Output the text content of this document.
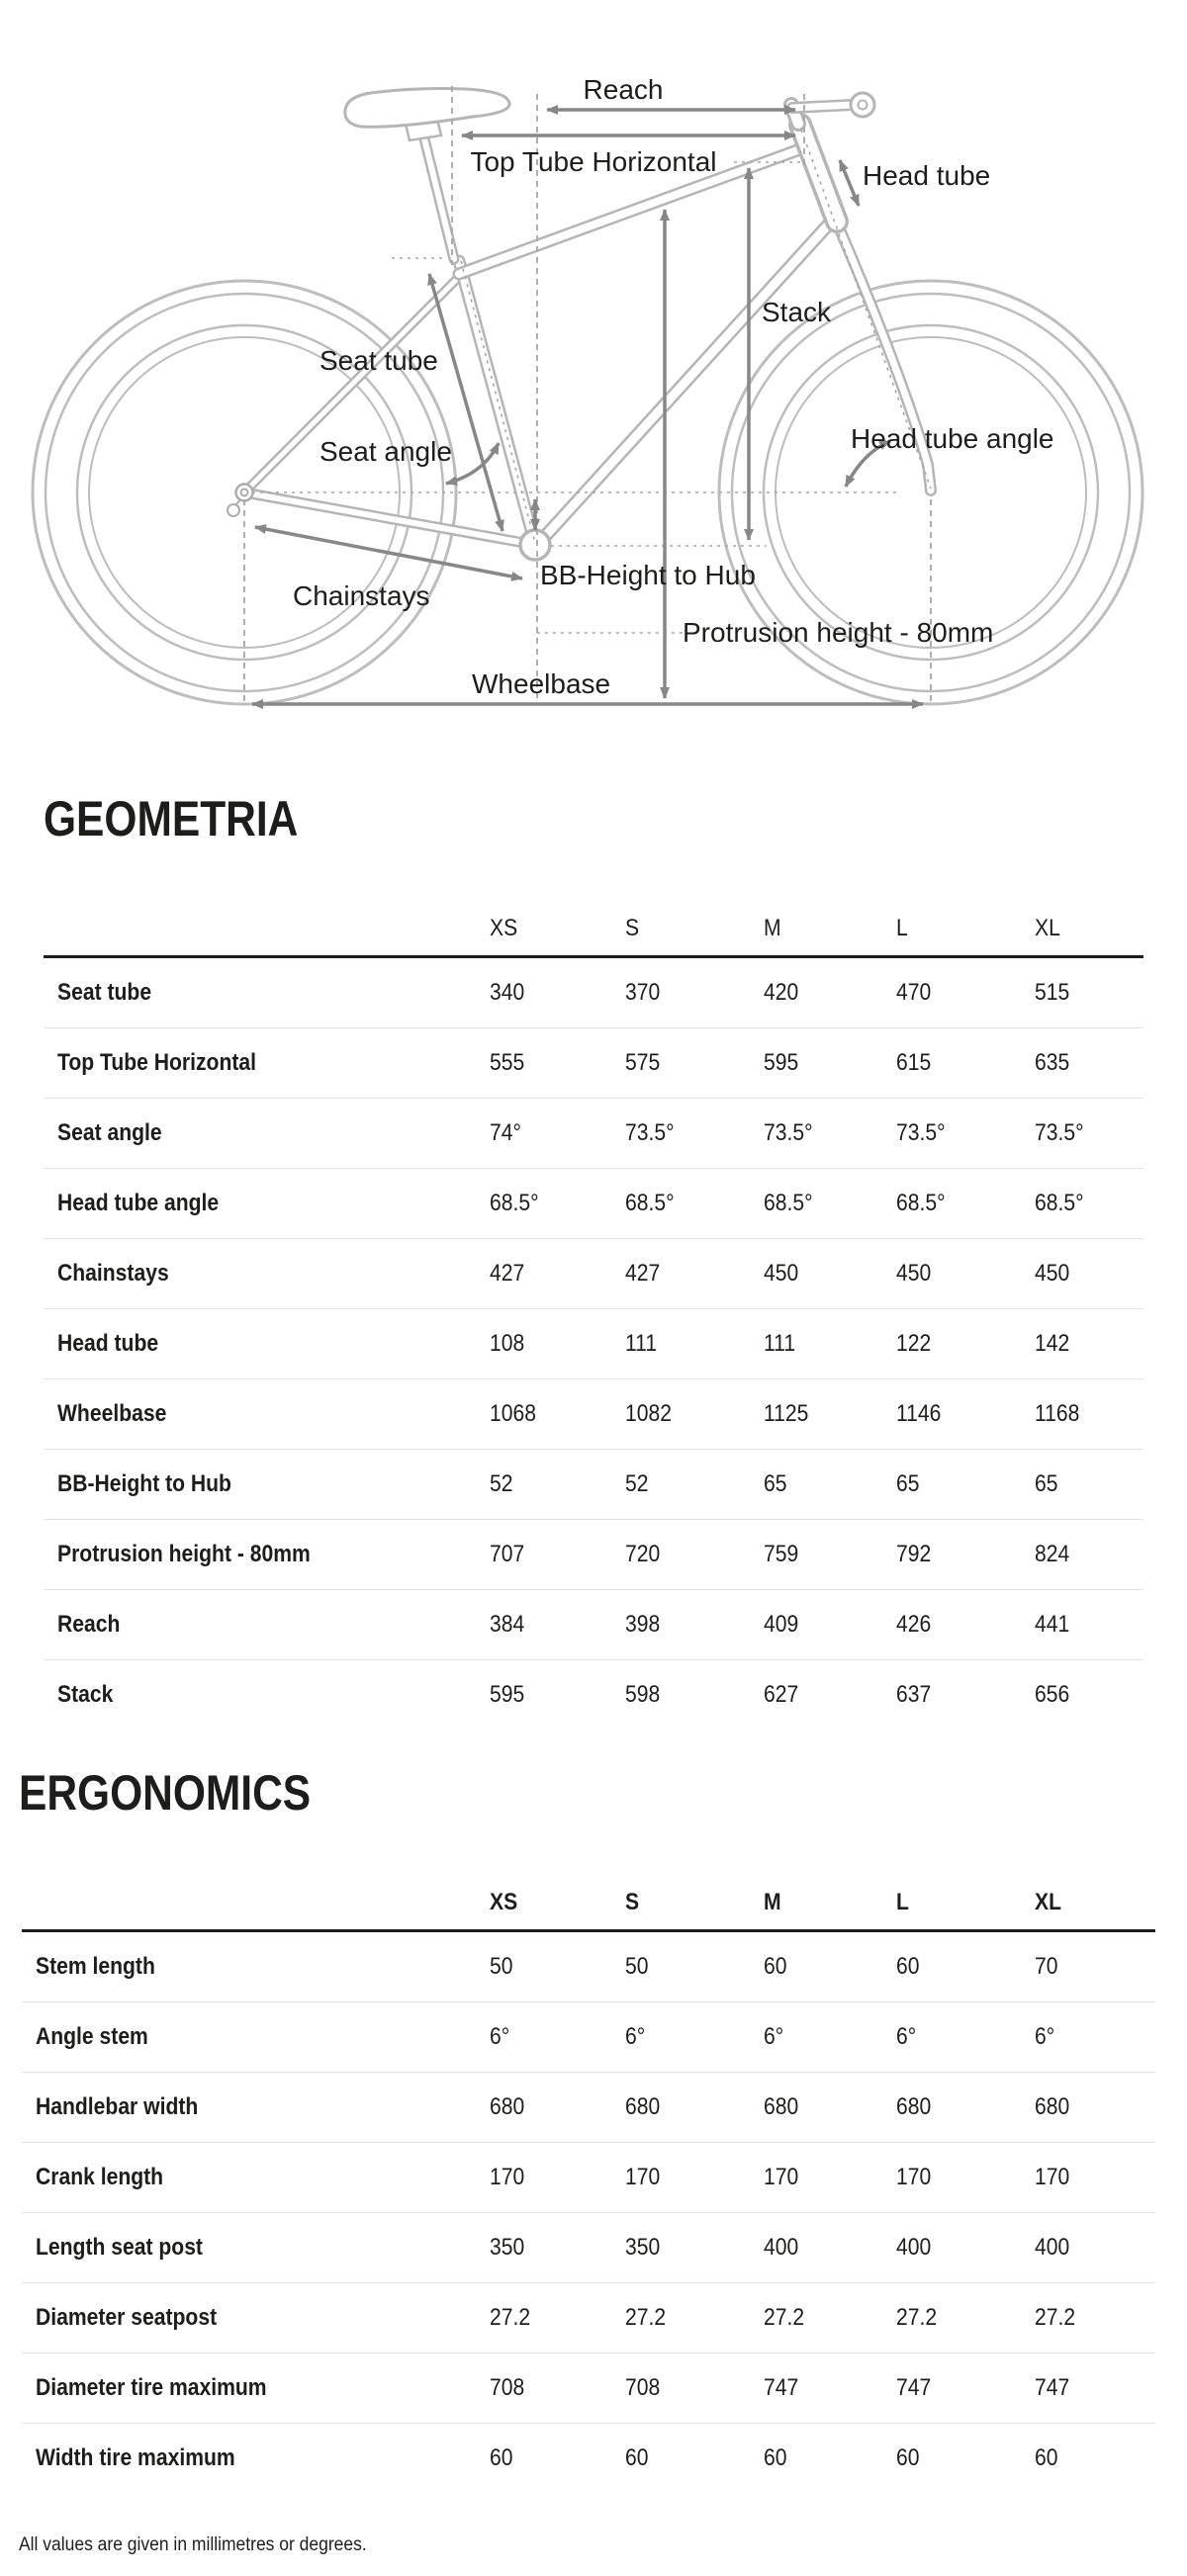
Reach
Top Tube Horizontal	Head tube
Stack
Head tube angle
Seat tube
Seat angle
Chainstays
BB-Height to Hub
Protrusion height - 80mm
Wheelbase
GEOMETRIA
XS	S	M	L	XL
Seat tube	340	370	420	470	515
Top Tube Horizontal	555	575	595	615	635
Seat angle	74°	73.5°	73.5°	73.5°	73.5°
Head tube angle	68.5°	68.5°	68.5°	68.5°	68.5°
Chainstays	427	427	450	450	450
Head tube	108	111	111	122	142
Wheelbase	1068	1082	1125	1146	1168
BB-Height to Hub	52	52	65	65	65
Protrusion height - 80mm	707	720	759	792	824
Reach	384	398	409	426	441
Stack	595	598	627	637	656
ERGONOMICS
XS	S	M	L	XL
Stem length	50	50	60	60	70
Angle stem	6°	6°	6°	6°	6°
Handlebar width	680	680	680	680	680
Crank length	170	170	170	170	170
Length seat post	350	350	400	400	400
Diameter seatpost	27.2	27.2	27.2	27.2	27.2
Diameter tire maximum	708	708	747	747	747
Width tire maximum	60	60	60	60	60
All values are given in millimetres or degrees.
